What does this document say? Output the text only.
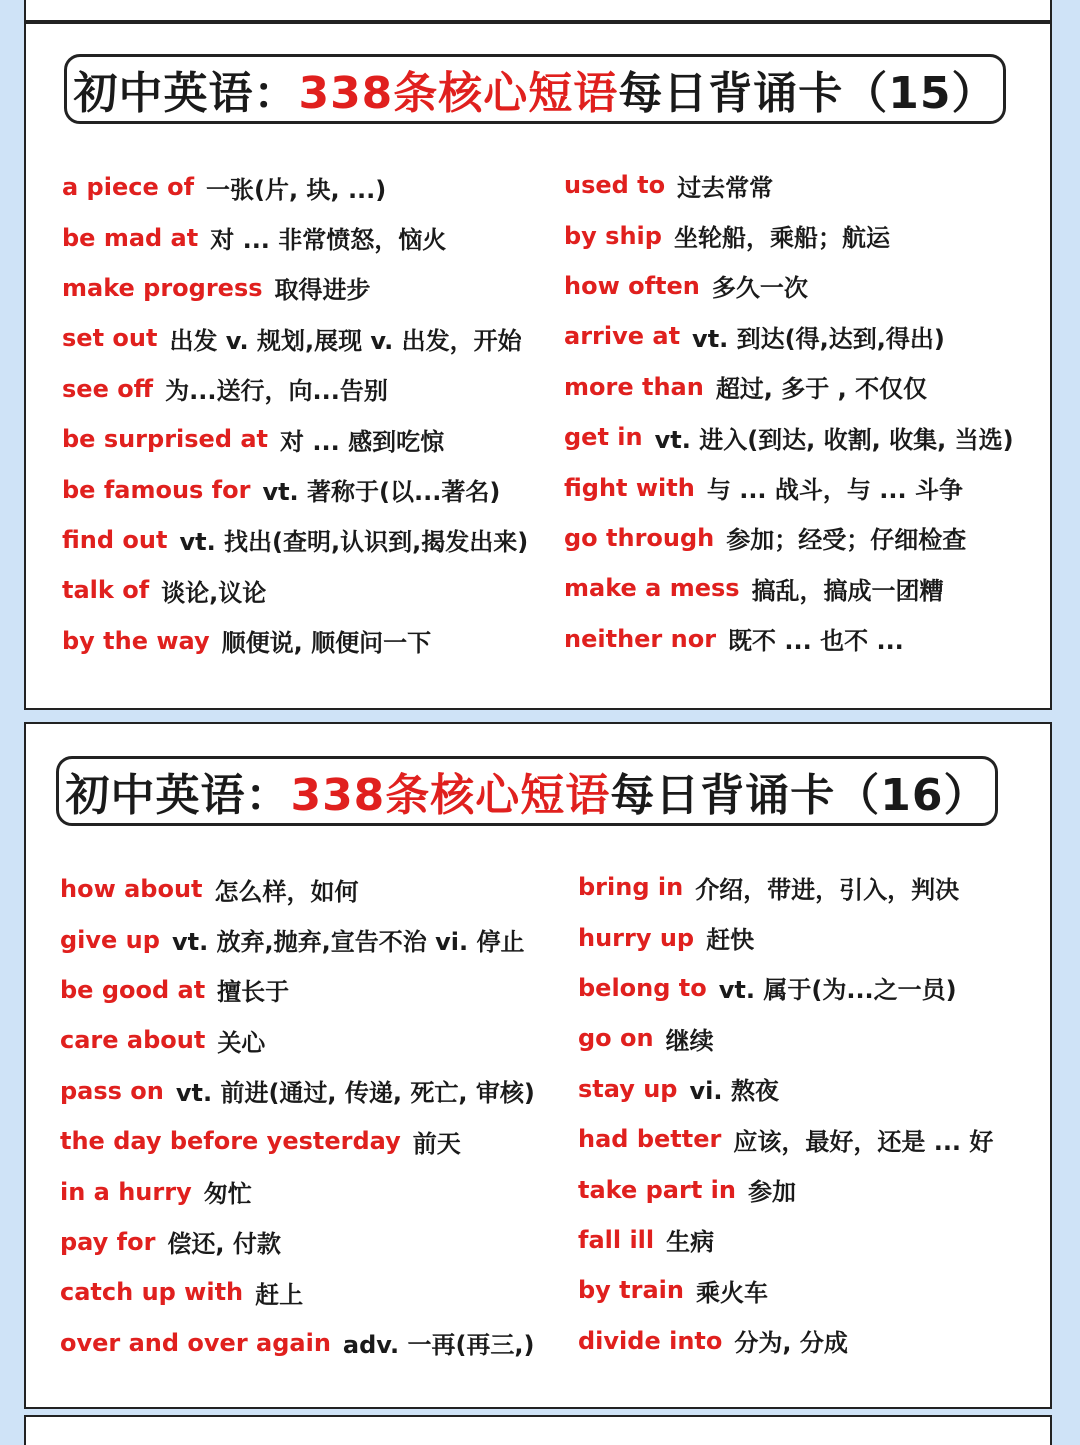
初中英语： 338条核心短语 每日背诵卡（15）
a piece of 一张(片, 块, ...)
be mad at 对 ... 非常愤怒，恼火
make progress 取得进步
set out 出发 v. 规划,展现 v. 出发，开始
see off 为...送行，向...告别
be surprised at 对 ... 感到吃惊
be famous for vt. 著称于(以...著名)
find out vt. 找出(查明,认识到,揭发出来)
talk of 谈论,议论
by the way 顺便说, 顺便问一下
used to 过去常常
by ship 坐轮船，乘船；航运
how often 多久一次
arrive at vt. 到达(得,达到,得出)
more than 超过, 多于 , 不仅仅
get in vt. 进入(到达, 收割, 收集, 当选)
fight with 与 ... 战斗，与 ... 斗争
go through 参加；经受；仔细检查
make a mess 搞乱，搞成一团糟
neither nor 既不 ... 也不 ...
初中英语： 338条核心短语 每日背诵卡（16）
how about 怎么样，如何
give up vt. 放弃,抛弃,宣告不治 vi. 停止
be good at 擅长于
care about 关心
pass on vt. 前进(通过, 传递, 死亡, 审核)
the day before yesterday 前天
in a hurry 匆忙
pay for 偿还, 付款
catch up with 赶上
over and over again adv. 一再(再三,)
bring in 介绍，带进，引入，判决
hurry up 赶快
belong to vt. 属于(为...之一员)
go on 继续
stay up vi. 熬夜
had better 应该，最好，还是 ... 好
take part in 参加
fall ill 生病
by train 乘火车
divide into 分为, 分成
